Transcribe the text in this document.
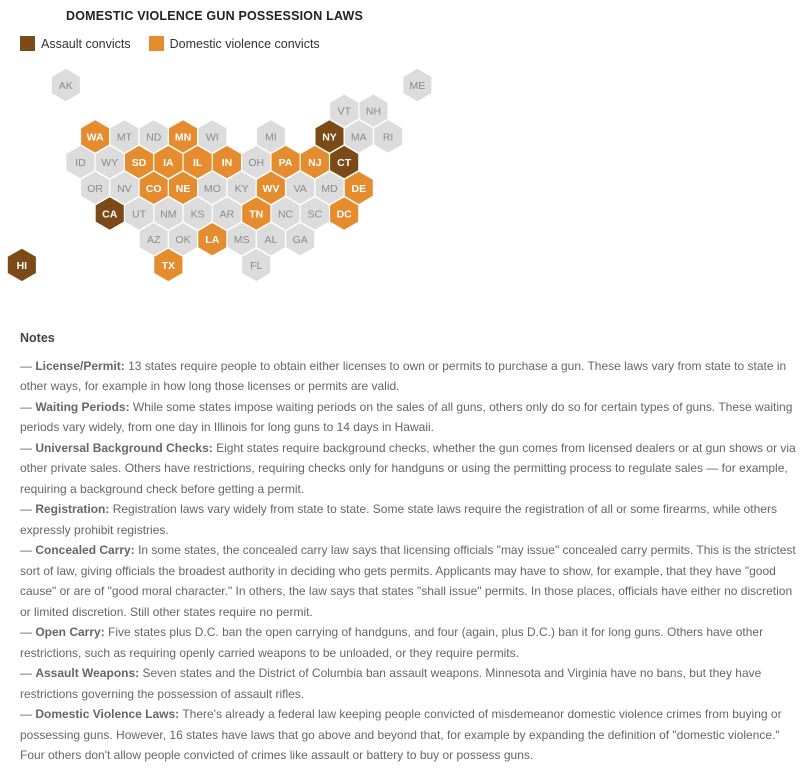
DOMESTIC VIOLENCE GUN POSSESSION LAWS
Assault convicts	Domestic violence convicts
AK	ME
VT NH
WA MT ND MN WI	MI	NY MA RI
ID WY SD IA IL IN OH PA NJ CT
OR NV CO NE MO KY WV VA MD DE
CA UT NM KS AR TN NC SC DC
AZ OK LA MS AL GA
HI	TX	FL
Notes
— License/Permit: 13 states require people to obtain either licenses to own or permits to purchase a gun. These laws vary from state to state in other ways, for example in how long those licenses or permits are valid.
— Waiting Periods: While some states impose waiting periods on the sales of all guns, others only do so for certain types of guns. These waiting periods vary widely, from one day in Illinois for long guns to 14 days in Hawaii.
— Universal Background Checks: Eight states require background checks, whether the gun comes from licensed dealers or at gun shows or via other private sales. Others have restrictions, requiring checks only for handguns or using the permitting process to regulate sales — for example, requiring a background check before getting a permit.
— Registration: Registration laws vary widely from state to state. Some state laws require the registration of all or some firearms, while others expressly prohibit registries.
— Concealed Carry: In some states, the concealed carry law says that licensing officials "may issue" concealed carry permits. This is the strictest sort of law, giving officials the broadest authority in deciding who gets permits. Applicants may have to show, for example, that they have "good cause" or are of "good moral character." In others, the law says that states "shall issue" permits. In those places, officials have either no discretion or limited discretion. Still other states require no permit.
— Open Carry: Five states plus D.C. ban the open carrying of handguns, and four (again, plus D.C.) ban it for long guns. Others have other restrictions, such as requiring openly carried weapons to be unloaded, or they require permits.
— Assault Weapons: Seven states and the District of Columbia ban assault weapons. Minnesota and Virginia have no bans, but they have restrictions governing the possession of assault rifles.
— Domestic Violence Laws: There's already a federal law keeping people convicted of misdemeanor domestic violence crimes from buying or possessing guns. However, 16 states have laws that go above and beyond that, for example by expanding the definition of "domestic violence." Four others don't allow people convicted of crimes like assault or battery to buy or possess guns.
